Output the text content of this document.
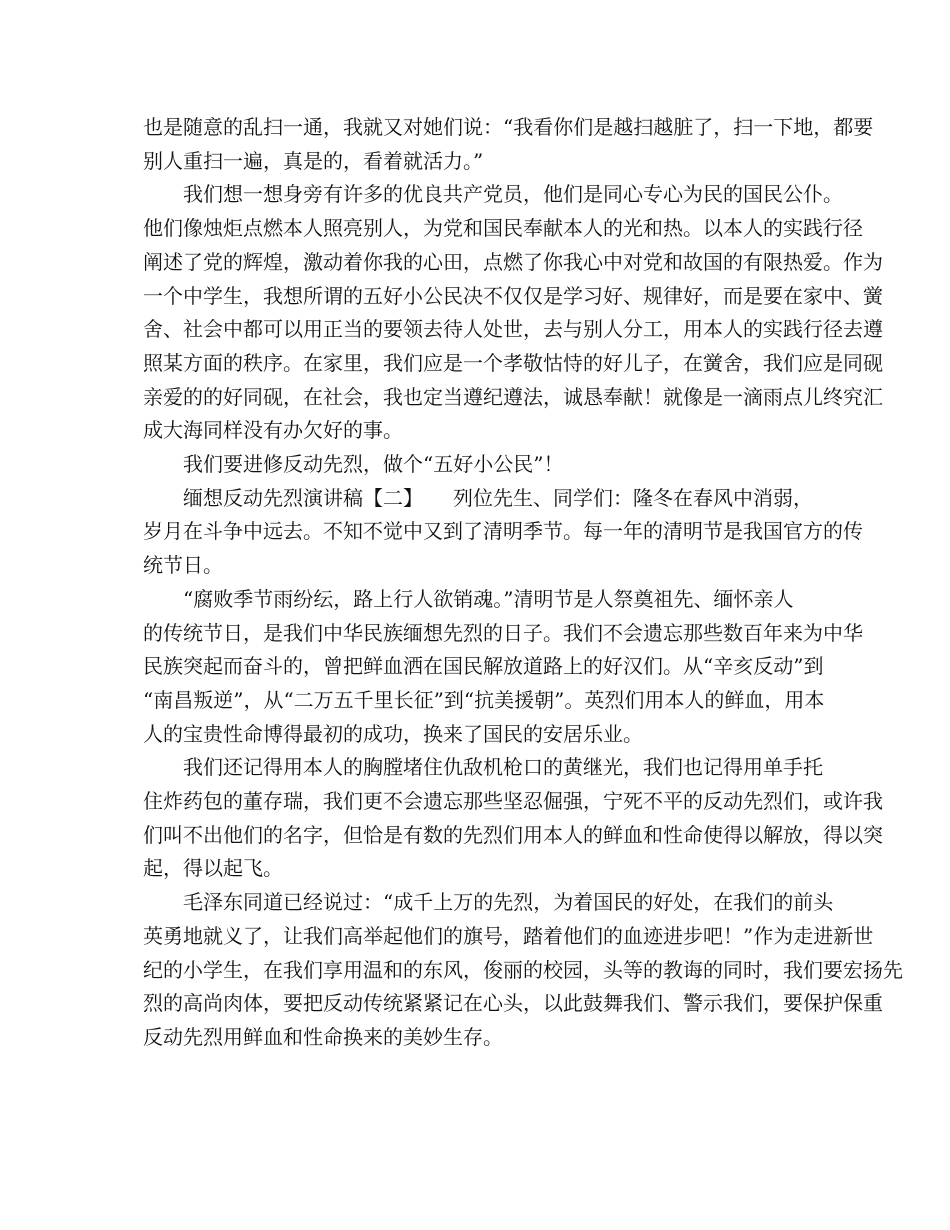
也是随意的乱扫一通，我就又对她们说：“我看你们是越扫越脏了，扫一下地，都要
别人重扫一遍，真是的，看着就活力。”

我们想一想身旁有许多的优良共产党员，他们是同心专心为民的国民公仆。
他们像烛炬点燃本人照亮别人，为党和国民奉献本人的光和热。以本人的实践行径
阐述了党的辉煌，激动着你我的心田，点燃了你我心中对党和故国的有限热爱。作为
一个中学生，我想所谓的五好小公民决不仅仅是学习好、规律好，而是要在家中、黉
舍、社会中都可以用正当的要领去待人处世，去与别人分工，用本人的实践行径去遵
照某方面的秩序。在家里，我们应是一个孝敬怙恃的好儿子，在黉舍，我们应是同砚
亲爱的的好同砚，在社会，我也定当遵纪遵法，诚恳奉献！就像是一滴雨点儿终究汇
成大海同样没有办欠好的事。

我们要进修反动先烈，做个“五好小公民”！

缅想反动先烈演讲稿【二】 列位先生、同学们：隆冬在春风中消弱，
岁月在斗争中远去。不知不觉中又到了清明季节。每一年的清明节是我国官方的传
统节日。

“腐败季节雨纷纭，路上行人欲销魂。”清明节是人祭奠祖先、缅怀亲人
的传统节日，是我们中华民族缅想先烈的日子。我们不会遗忘那些数百年来为中华
民族突起而奋斗的，曾把鲜血洒在国民解放道路上的好汉们。从“辛亥反动”到
“南昌叛逆”，从“二万五千里长征”到“抗美援朝”。英烈们用本人的鲜血，用本
人的宝贵性命博得最初的成功，换来了国民的安居乐业。

我们还记得用本人的胸膛堵住仇敌机枪口的黄继光，我们也记得用单手托
住炸药包的董存瑞，我们更不会遗忘那些坚忍倔强，宁死不平的反动先烈们，或许我
们叫不出他们的名字，但恰是有数的先烈们用本人的鲜血和性命使得以解放，得以突
起，得以起飞。

毛泽东同道已经说过：“成千上万的先烈，为着国民的好处，在我们的前头
英勇地就义了，让我们高举起他们的旗号，踏着他们的血迹进步吧！”作为走进新世
纪的小学生，在我们享用温和的东风，俊丽的校园，头等的教诲的同时，我们要宏扬先
烈的高尚肉体，要把反动传统紧紧记在心头，以此鼓舞我们、警示我们，要保护保重
反动先烈用鲜血和性命换来的美妙生存。
